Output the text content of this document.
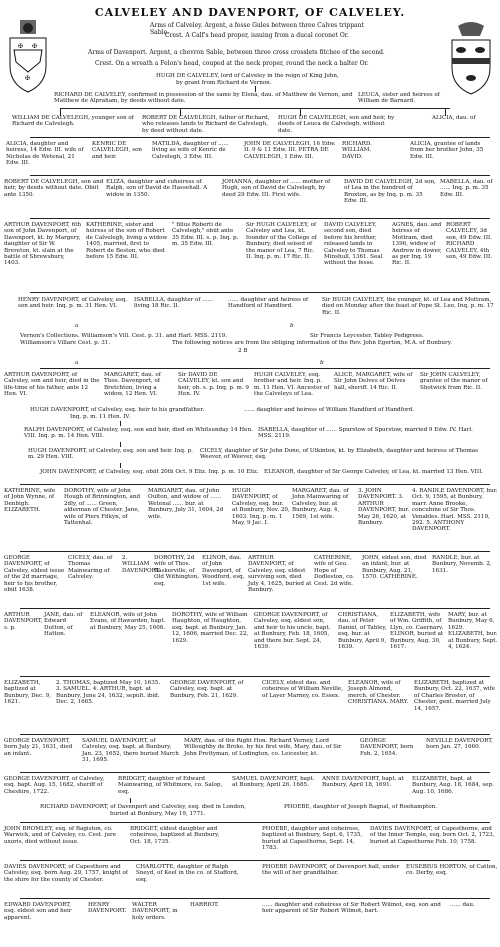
CALVELEY AND DAVENPORT, OF CALVELEY.
✠ ✠
✠
Arms of Calveley. Argent, a fesse Gules between three Calves trippant Sable.
Crest. A Calf's head proper, issuing from a ducal coronet Or.
Arms of Davenport. Argent, a chevron Sable, between three cross crosslets fitchee of the second.
Crest. On a wreath a Felon's head, couped at the neck proper, round the neck a halter Or.
HUGH DE CALVELEY, lord of Calveley in the reign of King John,
by grant from Richard de Vernon.
RICHARD DE CALVELEY, confirmed in possession of the same by Elena, dau. of Matthew de Vernon, and Matthew de Alpraham, by deeds without date.
LEUCA, sister and heiress of William de Barnard.
WILLIAM DE CALVELEGH, younger son of Richard de Calvelegh.
ROBERT DE CALVELEGH, father of Richard, who releases lands to Richard de Calvelegh, by deed without date.
HUGH DE CALVELEGH, son and heir, by deeds of Leuca de Calvelegh, without date.
ALICIA, dau. of
ALICIA, daughter and heiress, 14 Edw. III. wife of Nicholas de Wetenal, 21 Edw. III.
KENRIC DE CALVELEGH, son and heir.
MATILDA, daughter of ...... living as wife of Kenric de Calvelegh, 3 Edw. III.
JOHN DE CALVELEGH, 16 Edw. II. 9 & 11 Edw. III. PETRA DE CALVELEGH, 1 Edw. III.
RICHARD. WILLIAM. DAVID.
ALICIA, grantee of lands from her brother John, 35 Edw. III.
ROBERT DE CALVELEGH, son and heir, by deeds without date. Obiit ante 1350.
ELIZA, daughter and coheiress of Ralph, son of David de Hassehall. A widow in 1350.
JOHANNA, daughter of ...... mother of Hugh, son of David de Calvelegh, by deed 29 Edw. III. First wife.
DAVID DE CALVELEGH, 2d son, of Lea in the hundred of Broxton, as by Inq. p. m. 35 Edw. III.
MABELLA, dau. of ...... Inq. p. m. 35 Edw. III.
ARTHUR DAVENPORT, 6th son of John Davenport, of Davenport, kt. by Margery, daughter of Sir W. Brereton, kt. slain at the battle of Shrewsbury, 1403.
KATHERINE, sister and heiress of the son of Robert de Calvelegh, living a widow 1405, married, first to Robert de Beston, who died before 15 Edw. III.
" filius Roberti de Calvelegh," obiit ante 35 Edw. III. s. p. Inq. p. m. 35 Edw. III.
Sir HUGH CALVELEY, of Calveley and Lea, kt. founder of the College of Bunbury, died seised of the manor of Lea, 7 Ric. II. Inq. p. m. 17 Ric. II.
DAVID CALVELEY, second son, died before his brother, released lands in Calveley to Thomas Minshull, 1361. Seal without the fesse.
AGNES, dau. and heiress of Mottram, died 1396, widow of Andrew in dower, as per Inq. 19 Ric. II.
ROBERT CALVELEY, 3d son, 49 Edw. III. RICHARD CALVELEY, 4th son, 49 Edw. III.
HENRY DAVENPORT, of Calveley, esq. son and heir. Inq. p. m. 31 Hen. VI.
ISABELLA, daughter of ...... living 18 Ric. II.
...... daughter and heiress of Handford of Handford.
Sir HUGH CALVELEY, the younger, kt. of Lea and Mottram, died on Monday after the feast of Pope St. Leo, Inq. p. m. 17 Ric. II.
a	b
Vernon's Collections. Williamson's Vill. Cest. p. 31. and Harl. MSS. 2119.	Sir Francis Leycester. Tabley Pedigrees.
Williamson's Villare Cest. p. 31.	The following notices are from the obliging information of the Rev. John Egerton, M.A. of Bunbury.
2 B
a	b
ARTHUR DAVENPORT, of Calveley, son and heir, died in the life-time of his father, ante 12 Hen. VI.
MARGARET, dau. of Thos. Davenport, of Bretchton, living a widow, 12 Hen. VI.
Sir DAVID DE CALVELEY, kt. son and heir, ob. s. p. Inq. p. m. 9 Hen. IV.
HUGH CALVELEY, esq. brother and heir. Inq. p. m. 11 Hen. VI. Ancestor of the Calveleys of Lea.
ALICE, MARGARET, wife of Sir John Delves of Delves hall, sheriff. 14 Ric. II.
Sir JOHN CALVELEY, grantee of the manor of Shotwick from Ric. II.
HUGH DAVENPORT, of Calveley, esq. heir to his grandfather.	...... daughter and heiress of William Handford of Handford.
Inq. p. m. 11 Hen. IV.
RALPH DAVENPORT, of Calveley, esq. son and heir, died on Whitsunday 14 Hen. VIII. Inq. p. m. 14 Hen. VIII.
ISABELLA, daughter of ...... Spurstow of Spurstow, married 9 Edw. IV. Harl. MSS. 2119.
HUGH DAVENPORT, of Calveley, esq. son and heir. Inq. p. m. 29 Hen. VIII.
CICELY, daughter of Sir John Done, of Utkinton, kt. by Elizabeth, daughter and heiress of Thomas Weever, of Weever, esq.
JOHN DAVENPORT, of Calveley, esq. obiit 20th Oct. 9 Eliz. Inq. p. m. 10 Eliz. ELEANOR, daughter of Sir George Calveley, of Lea, kt. married 13 Hen. VIII.
KATHERINE, wife of John Wynne, of Denbigh. ELIZABETH.
DOROTHY, wife of John Hough of Brinnington, and 2dly, of ...... Green, alderman of Chester. Jane, wife of Piers Filkyn, of Tattenhal.
MARGARET, dau. of John Oulton, and widow of ...... Wetenal ...... bur. at Bunbury, July 31, 1604, 2d wife.
HUGH DAVENPORT, of Calveley, esq. bur. at Bunbury, Nov. 20, 1603. Inq. p. m. 1 May, 9 Jac. I.
MARGARET, dau. of John Mainwaring of Calveley, bur. at Bunbury, Aug. 4, 1569, 1st wife.
3. JOHN DAVENPORT. 3. ARTHUR DAVENPORT, bur. May 26, 1620, at Bunbury.
4. RANDLE DAVENPORT, bur. Oct. 9, 1595, at Bunbury, marr. Anne Brooke, concubine of Sir Thos. Venables. Harl. MSS. 2119, 292. 5. ANTHONY DAVENPORT.
GEORGE DAVENPORT, of Calveley, eldest issue of the 2d marriage, heir to his brother, obiit 1638.
CICELY, dau. of Thomas Mainwaring of Calveley.
2. WILLIAM DAVENPORT.
DOROTHY, 2d wife of Thos. Baskerville, of Old Withington, esq.
ELINOR, dau. of John Davenport, of Woodford, esq. 1st wife.
ARTHUR DAVENPORT, of Calveley, esq. eldest surviving son, died July 4, 1625, buried at Bunbury.
CATHERINE, wife of Geo. Hope of Dodleston, co. Cest. 2d wife.
JOHN, eldest son, died an infant, bur. at Bunbury, Aug. 21, 1570. CATHERINE.
RANDLE, bur. at Bunbury, Novemb. 2, 1631.
ARTHUR DAVENPORT, s. p.
JANE, dau. of Edward Dutton, of Hatton.
ELEANOR, wife of John Evans, of Hawarden, bapt. at Bunbury, May 25, 1606.
DOROTHY, wife of William Haughton, of Haughton, esq. bapt. at Bunbury, Jan. 12, 1606, married Dec. 22, 1629.
GEORGE DAVENPORT, of Calveley, esq. eldest son, and heir to his uncle, bapt. at Bunbury, Feb. 18, 1605, and there bur. Sept. 24, 1639.
CHRISTIANA, dau. of Peter Daniel, of Tabley, esq. bur. at Bunbury, April 9, 1639.
ELIZABETH, wife of Wm. Griffith, of Llyn, co. Caernarv. ELINOR, buried at Bunbury, Aug. 30, 1617.
MARY, bur. at Bunbury, May 6, 1629. ELIZABETH, bur. at Bunbury, Sept. 4, 1624.
ELIZABETH, baptized at Bunbury, Dec. 9, 1621.
2. THOMAS, baptized May 10, 1635. 3. SAMUEL. 4. ARTHUR, bapt. at Bunbury, June 24, 1632, sepult. ibid. Dec. 2, 1665.
GEORGE DAVENPORT, of Calveley, esq. bapt. at Bunbury, Feb. 21, 1629.
CICELY, eldest dau. and coheiress of William Neville, of Layer Marney, co. Essex.
ELEANOR, wife of Joseph Almond, merch. of Chester. CHRISTIANA. MARY.
ELIZABETH, baptized at Bunbury, Oct. 22, 1637, wife of Charles Broster, of Chester, gent. married July 14, 1657.
GEORGE DAVENPORT, born July 21, 1631, died an infant.
SAMUEL DAVENPORT, of Calveley, esq. bapt. at Bunbury, Jan. 23, 1652, there buried March 31, 1695.
MARY, dau. of the Right Hon. Richard Verney, Lord Willoughby de Broke, by his first wife, Mary, dau. of Sir John Prettyman, of Lodington, co. Leicester, kt.
GEORGE DAVENPORT, born Feb. 2, 1654.
NEVILLE DAVENPORT, born Jan. 27, 1660.
GEORGE DAVENPORT, of Calveley, esq. bapt. Aug. 15, 1682, sheriff of Cheshire, 1722.
BRIDGET, daughter of Edward Mainwaring, of Whitmore, co. Salop, esq.
SAMUEL DAVENPORT, bapt. at Bunbury, April 26, 1685.
ANNE DAVENPORT, bapt. at Bunbury, April 18, 1691.
ELIZABETH, bapt. at Bunbury, Aug. 18, 1684, sep. Aug. 10, 1686.
RICHARD DAVENPORT, of Davenport and Calveley, esq. died in London,	PHOEBE, daughter of Joseph Bagnal, of Roehampton.
buried at Bunbury, May 19, 1771.
JOHN BROMLEY, esq. of Bagiston, co. Warwick, and of Calveley, co. Cest. jure uxoris, died without issue.
BRIDGET, eldest daughter and coheiress, baptized at Bunbury, Oct. 18, 1735.
PHOEBE, daughter and coheiress, baptized at Bunbury, Sept. 6, 1735, buried at Capesthorne, Sept. 14, 1783.
DAVIES DAVENPORT, of Capesthorne, and of the Inner Temple, esq. born Oct. 2, 1723, buried at Capesthorne Feb. 10, 1758.
DAVIES DAVENPORT, of Capesthorn and Calveley, esq. born Aug. 29, 1757, knight of the shire for the county of Chester.
CHARLOTTE, daughter of Ralph Sneyd, of Keel in the co. of Stafford, esq.
PHOEBE DAVENPORT, of Davenport hall, under the will of her grandfather.
EUSEBIUS HORTON, of Catton, co. Derby, esq.
EDWARD DAVENPORT, esq. eldest son and heir apparent.
HENRY DAVENPORT.
WALTER DAVENPORT, in holy orders.
HARRIOT.	...... daughter and coheiress of Sir Robert Wilmot, esq. son and heir apparent of Sir Robert Wilmot, bart.
...... dau.
